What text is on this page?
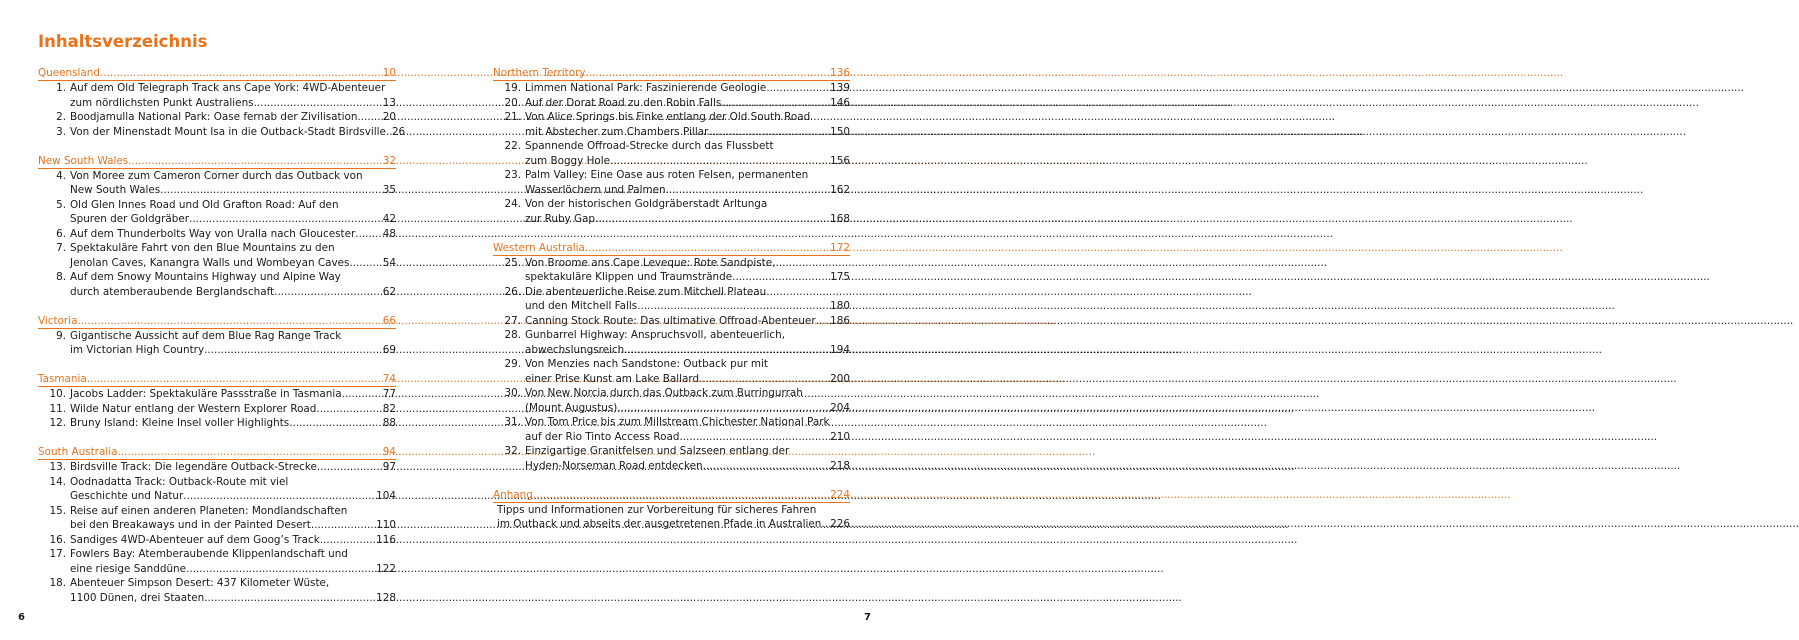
Inhaltsverzeichnis
Queensland .....	10
1. Auf dem Old Telegraph Track ans Cape York: 4WD-Abenteuer
zum nördlichsten Punkt Australiens .....	13
2. Boodjamulla National Park: Oase fernab der Zivilisation ..... 20
3. Von der Minenstadt Mount Isa in die Outback-Stadt Birdsville ..... 26
New South Wales .....	32
4. Von Moree zum Cameron Corner durch das Outback von
New South Wales .....	35
5. Old Glen Innes Road und Old Grafton Road: Auf den
Spuren der Goldgräber .....	42
6. Auf dem Thunderbolts Way von Uralla nach Gloucester .....	48
7. Spektakuläre Fahrt von den Blue Mountains zu den
Jenolan Caves, Kanangra Walls und Wombeyan Caves .....	54
8. Auf dem Snowy Mountains Highway und Alpine Way
durch atemberaubende Berglandschaft .....	62
Victoria .....	66
9. Gigantische Aussicht auf dem Blue Rag Range Track
im Victorian High Country .....	69
Tasmania .....	74
10. Jacobs Ladder: Spektakuläre Passstraße in Tasmania .....	77
11. Wilde Natur entlang der Western Explorer Road .....	82
12. Bruny Island: Kleine Insel voller Highlights .....	88
South Australia .....	94
13. Birdsville Track: Die legendäre Outback-Strecke .....	97
14. Oodnadatta Track: Outback-Route mit viel
Geschichte und Natur .....	104
15. Reise auf einen anderen Planeten: Mondlandschaften
bei den Breakaways und in der Painted Desert .....	110
16. Sandiges 4WD-Abenteuer auf dem Googʼs Track .....	116
17. Fowlers Bay: Atemberaubende Klippenlandschaft und
eine riesige Sanddüne .....	122
18. Abenteuer Simpson Desert: 437 Kilometer Wüste,
1100 Dünen, drei Staaten .....	128
Northern Territory .....	136
19. Limmen National Park: Faszinierende Geologie .....	139
20. Auf der Dorat Road zu den Robin Falls .....	146
21. Von Alice Springs bis Finke entlang der Old South Road
mit Abstecher zum Chambers Pillar .....	150
22. Spannende Offroad-Strecke durch das Flussbett
zum Boggy Hole .....	156
23. Palm Valley: Eine Oase aus roten Felsen, permanenten
Wasserlöchern und Palmen .....	162
24. Von der historischen Goldgräberstadt Arltunga
zur Ruby Gap .....	168
Western Australia .....	172
25. Von Broome ans Cape Leveque: Rote Sandpiste,
spektakuläre Klippen und Traumstrände .....	175
26. Die abenteuerliche Reise zum Mitchell Plateau
und den Mitchell Falls .....	180
27. Canning Stock Route: Das ultimative Offroad-Abenteuer ..... 186
28. Gunbarrel Highway: Anspruchsvoll, abenteuerlich,
abwechslungsreich .....	194
29. Von Menzies nach Sandstone: Outback pur mit
einer Prise Kunst am Lake Ballard .....	200
30. Von New Norcia durch das Outback zum Burringurrah
(Mount Augustus) .....	204
31. Von Tom Price bis zum Millstream Chichester National Park
auf der Rio Tinto Access Road .....	210
32. Einzigartige Granitfelsen und Salzseen entlang der
Hyden-Norseman Road entdecken .....	218
Anhang .....	224
Tipps und Informationen zur Vorbereitung für sicheres Fahren
im Outback und abseits der ausgetretenen Pfade in Australien ..... 226
6	7
